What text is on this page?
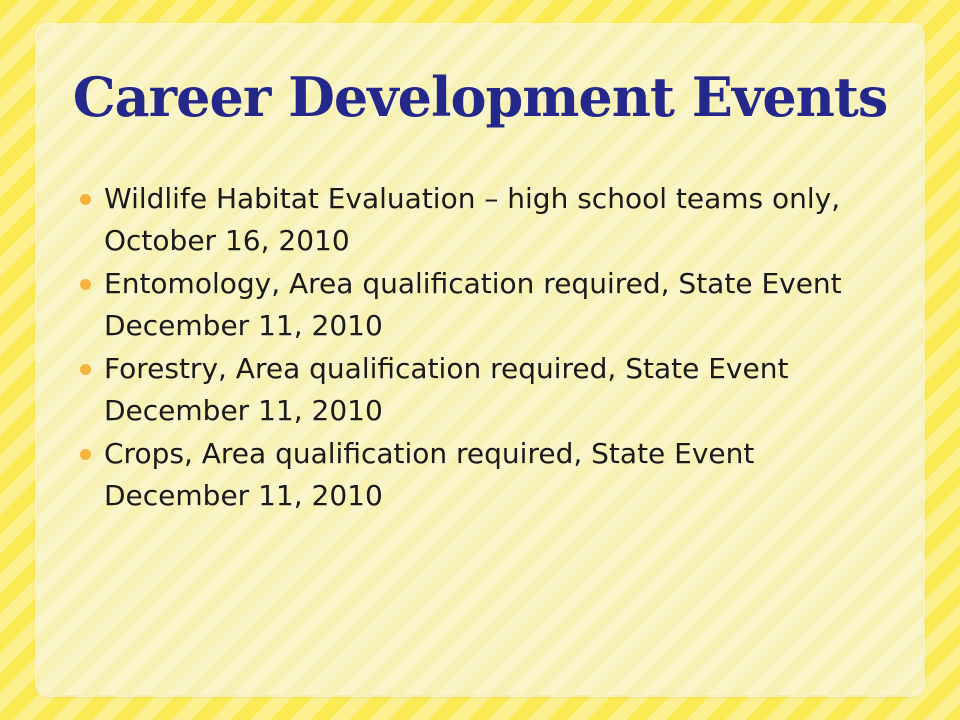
Career Development Events
Wildlife Habitat Evaluation – high school teams only, October 16, 2010
Entomology, Area qualification required, State Event December 11, 2010
Forestry, Area qualification required, State Event December 11, 2010
Crops, Area qualification required, State Event December 11, 2010
